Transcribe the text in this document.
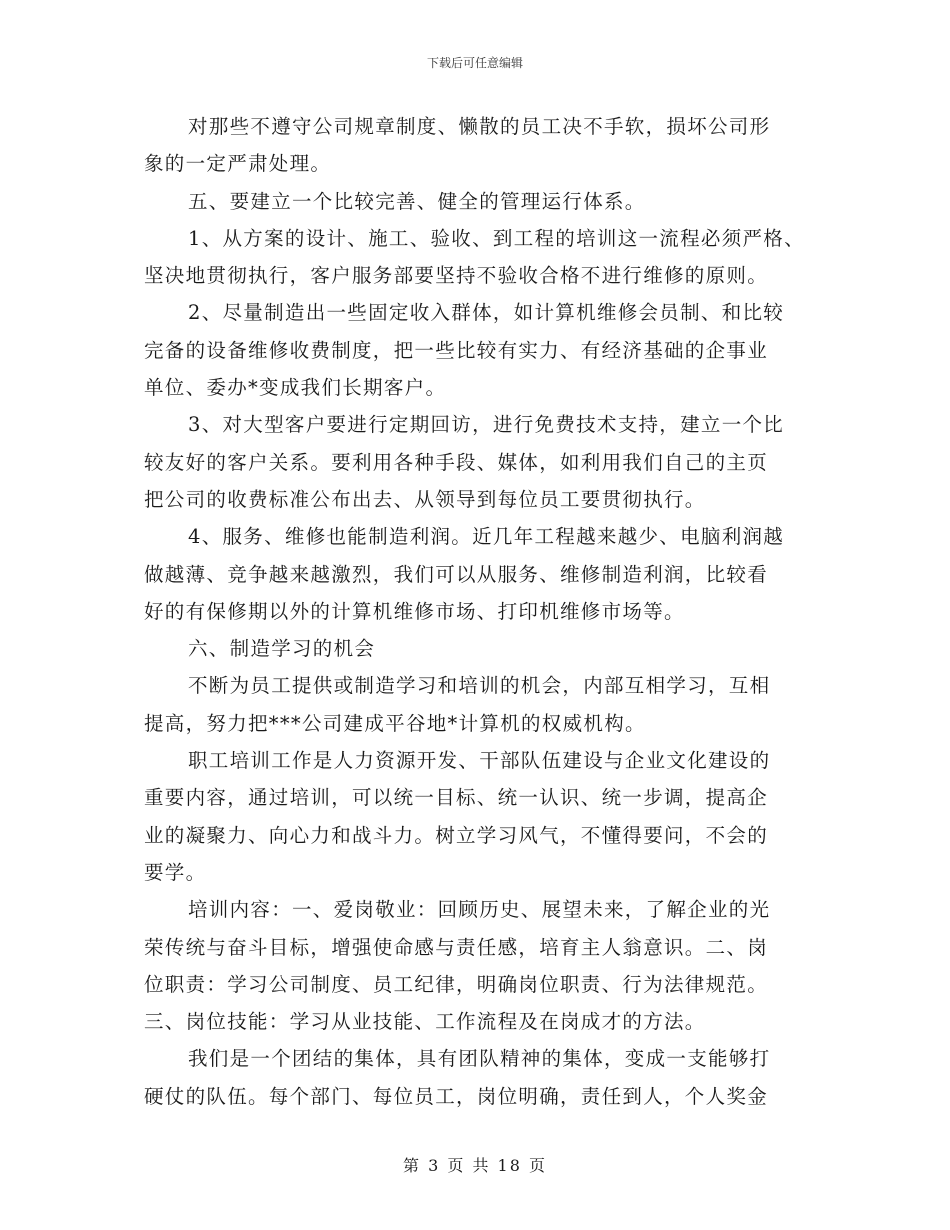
下载后可任意编辑
对那些不遵守公司规章制度、懒散的员工决不手软，损坏公司形
象的一定严肃处理。
五、要建立一个比较完善、健全的管理运行体系。
1、从方案的设计、施工、验收、到工程的培训这一流程必须严格、
坚决地贯彻执行，客户服务部要坚持不验收合格不进行维修的原则。
2、尽量制造出一些固定收入群体，如计算机维修会员制、和比较
完备的设备维修收费制度，把一些比较有实力、有经济基础的企事业
单位、委办*变成我们长期客户。
3、对大型客户要进行定期回访，进行免费技术支持，建立一个比
较友好的客户关系。要利用各种手段、媒体，如利用我们自己的主页
把公司的收费标准公布出去、从领导到每位员工要贯彻执行。
4、服务、维修也能制造利润。近几年工程越来越少、电脑利润越
做越薄、竞争越来越激烈，我们可以从服务、维修制造利润，比较看
好的有保修期以外的计算机维修市场、打印机维修市场等。
六、制造学习的机会
不断为员工提供或制造学习和培训的机会，内部互相学习，互相
提高，努力把***公司建成平谷地*计算机的权威机构。
职工培训工作是人力资源开发、干部队伍建设与企业文化建设的
重要内容，通过培训，可以统一目标、统一认识、统一步调，提高企
业的凝聚力、向心力和战斗力。树立学习风气，不懂得要问，不会的
要学。
培训内容：一、爱岗敬业：回顾历史、展望未来，了解企业的光
荣传统与奋斗目标，增强使命感与责任感，培育主人翁意识。二、岗
位职责：学习公司制度、员工纪律，明确岗位职责、行为法律规范。
三、岗位技能：学习从业技能、工作流程及在岗成才的方法。
我们是一个团结的集体，具有团队精神的集体，变成一支能够打
硬仗的队伍。每个部门、每位员工，岗位明确，责任到人，个人奖金
第 3 页 共 18 页
